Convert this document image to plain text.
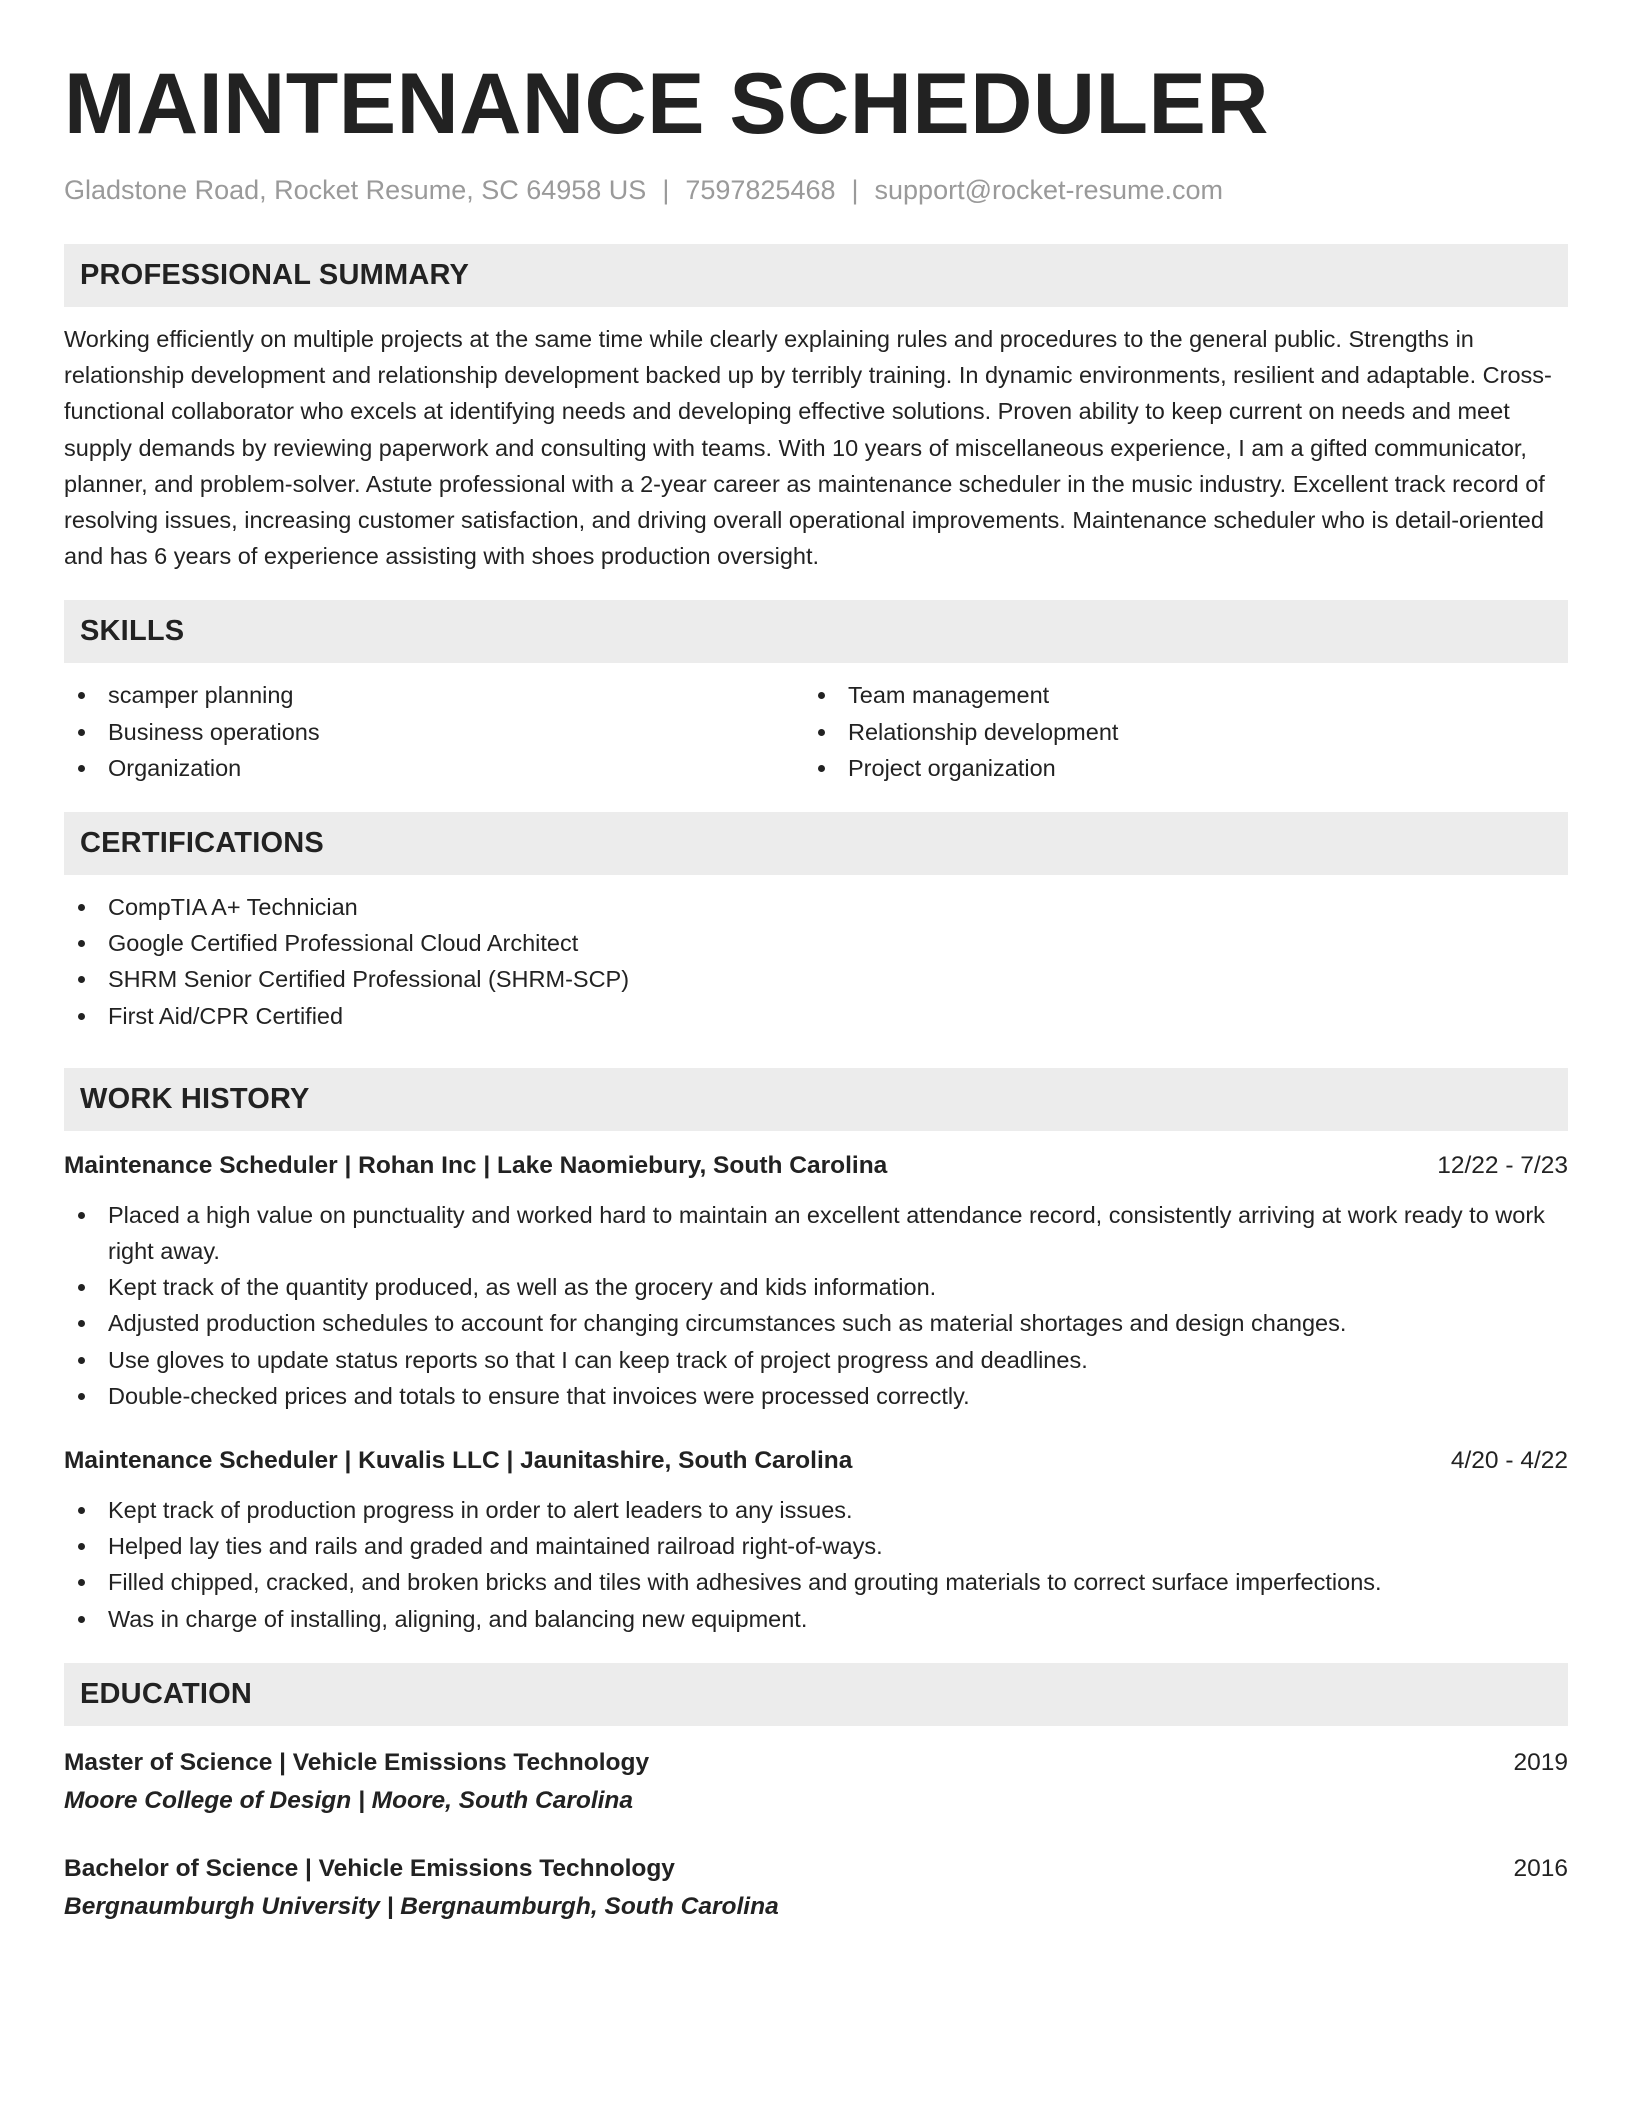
MAINTENANCE SCHEDULER
Gladstone Road, Rocket Resume, SC 64958 US | 7597825468 | support@rocket-resume.com
PROFESSIONAL SUMMARY
Working efficiently on multiple projects at the same time while clearly explaining rules and procedures to the general public. Strengths in relationship development and relationship development backed up by terribly training. In dynamic environments, resilient and adaptable. Cross-functional collaborator who excels at identifying needs and developing effective solutions. Proven ability to keep current on needs and meet supply demands by reviewing paperwork and consulting with teams. With 10 years of miscellaneous experience, I am a gifted communicator, planner, and problem-solver. Astute professional with a 2-year career as maintenance scheduler in the music industry. Excellent track record of resolving issues, increasing customer satisfaction, and driving overall operational improvements. Maintenance scheduler who is detail-oriented and has 6 years of experience assisting with shoes production oversight.
SKILLS
scamper planning
Business operations
Organization
Team management
Relationship development
Project organization
CERTIFICATIONS
CompTIA A+ Technician
Google Certified Professional Cloud Architect
SHRM Senior Certified Professional (SHRM-SCP)
First Aid/CPR Certified
WORK HISTORY
Maintenance Scheduler | Rohan Inc | Lake Naomiebury, South Carolina	12/22 - 7/23
Placed a high value on punctuality and worked hard to maintain an excellent attendance record, consistently arriving at work ready to work right away.
Kept track of the quantity produced, as well as the grocery and kids information.
Adjusted production schedules to account for changing circumstances such as material shortages and design changes.
Use gloves to update status reports so that I can keep track of project progress and deadlines.
Double-checked prices and totals to ensure that invoices were processed correctly.
Maintenance Scheduler | Kuvalis LLC | Jaunitashire, South Carolina	4/20 - 4/22
Kept track of production progress in order to alert leaders to any issues.
Helped lay ties and rails and graded and maintained railroad right-of-ways.
Filled chipped, cracked, and broken bricks and tiles with adhesives and grouting materials to correct surface imperfections.
Was in charge of installing, aligning, and balancing new equipment.
EDUCATION
Master of Science | Vehicle Emissions Technology	2019
Moore College of Design | Moore, South Carolina
Bachelor of Science | Vehicle Emissions Technology	2016
Bergnaumburgh University | Bergnaumburgh, South Carolina
